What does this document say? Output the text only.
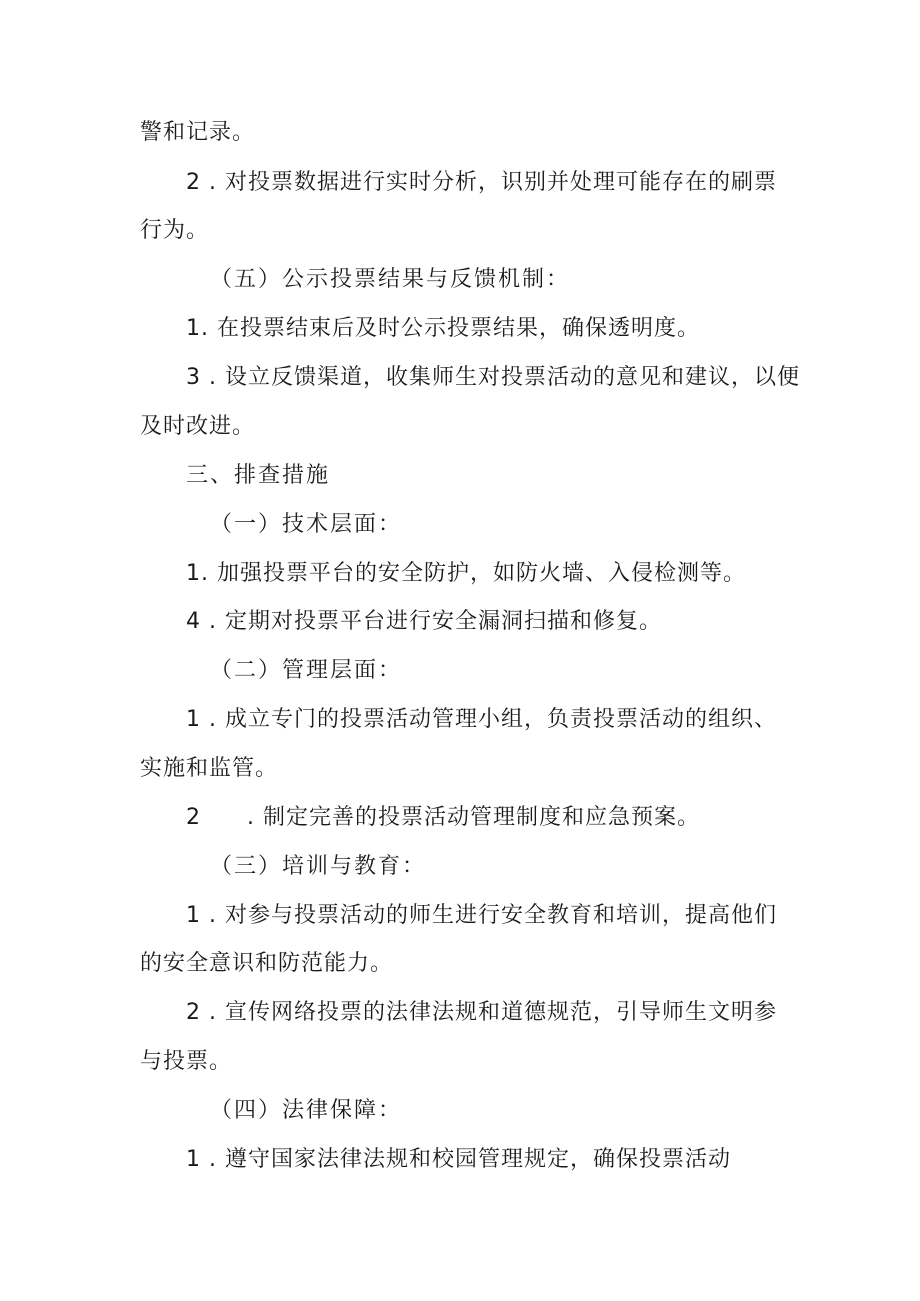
警和记录。
2 . 对投票数据进行实时分析，识别并处理可能存在的刷票
行为。
（五）公示投票结果与反馈机制：
1. 在投票结束后及时公示投票结果，确保透明度。
3 . 设立反馈渠道，收集师生对投票活动的意见和建议，以便
及时改进。
三、排查措施
（一）技术层面：
1. 加强投票平台的安全防护，如防火墙、入侵检测等。
4 . 定期对投票平台进行安全漏洞扫描和修复。
（二）管理层面：
1 . 成立专门的投票活动管理小组，负责投票活动的组织、
实施和监管。
2　　. 制定完善的投票活动管理制度和应急预案。
（三）培训与教育：
1 . 对参与投票活动的师生进行安全教育和培训，提高他们
的安全意识和防范能力。
2 . 宣传网络投票的法律法规和道德规范，引导师生文明参
与投票。
（四）法律保障：
1 . 遵守国家法律法规和校园管理规定，确保投票活动
